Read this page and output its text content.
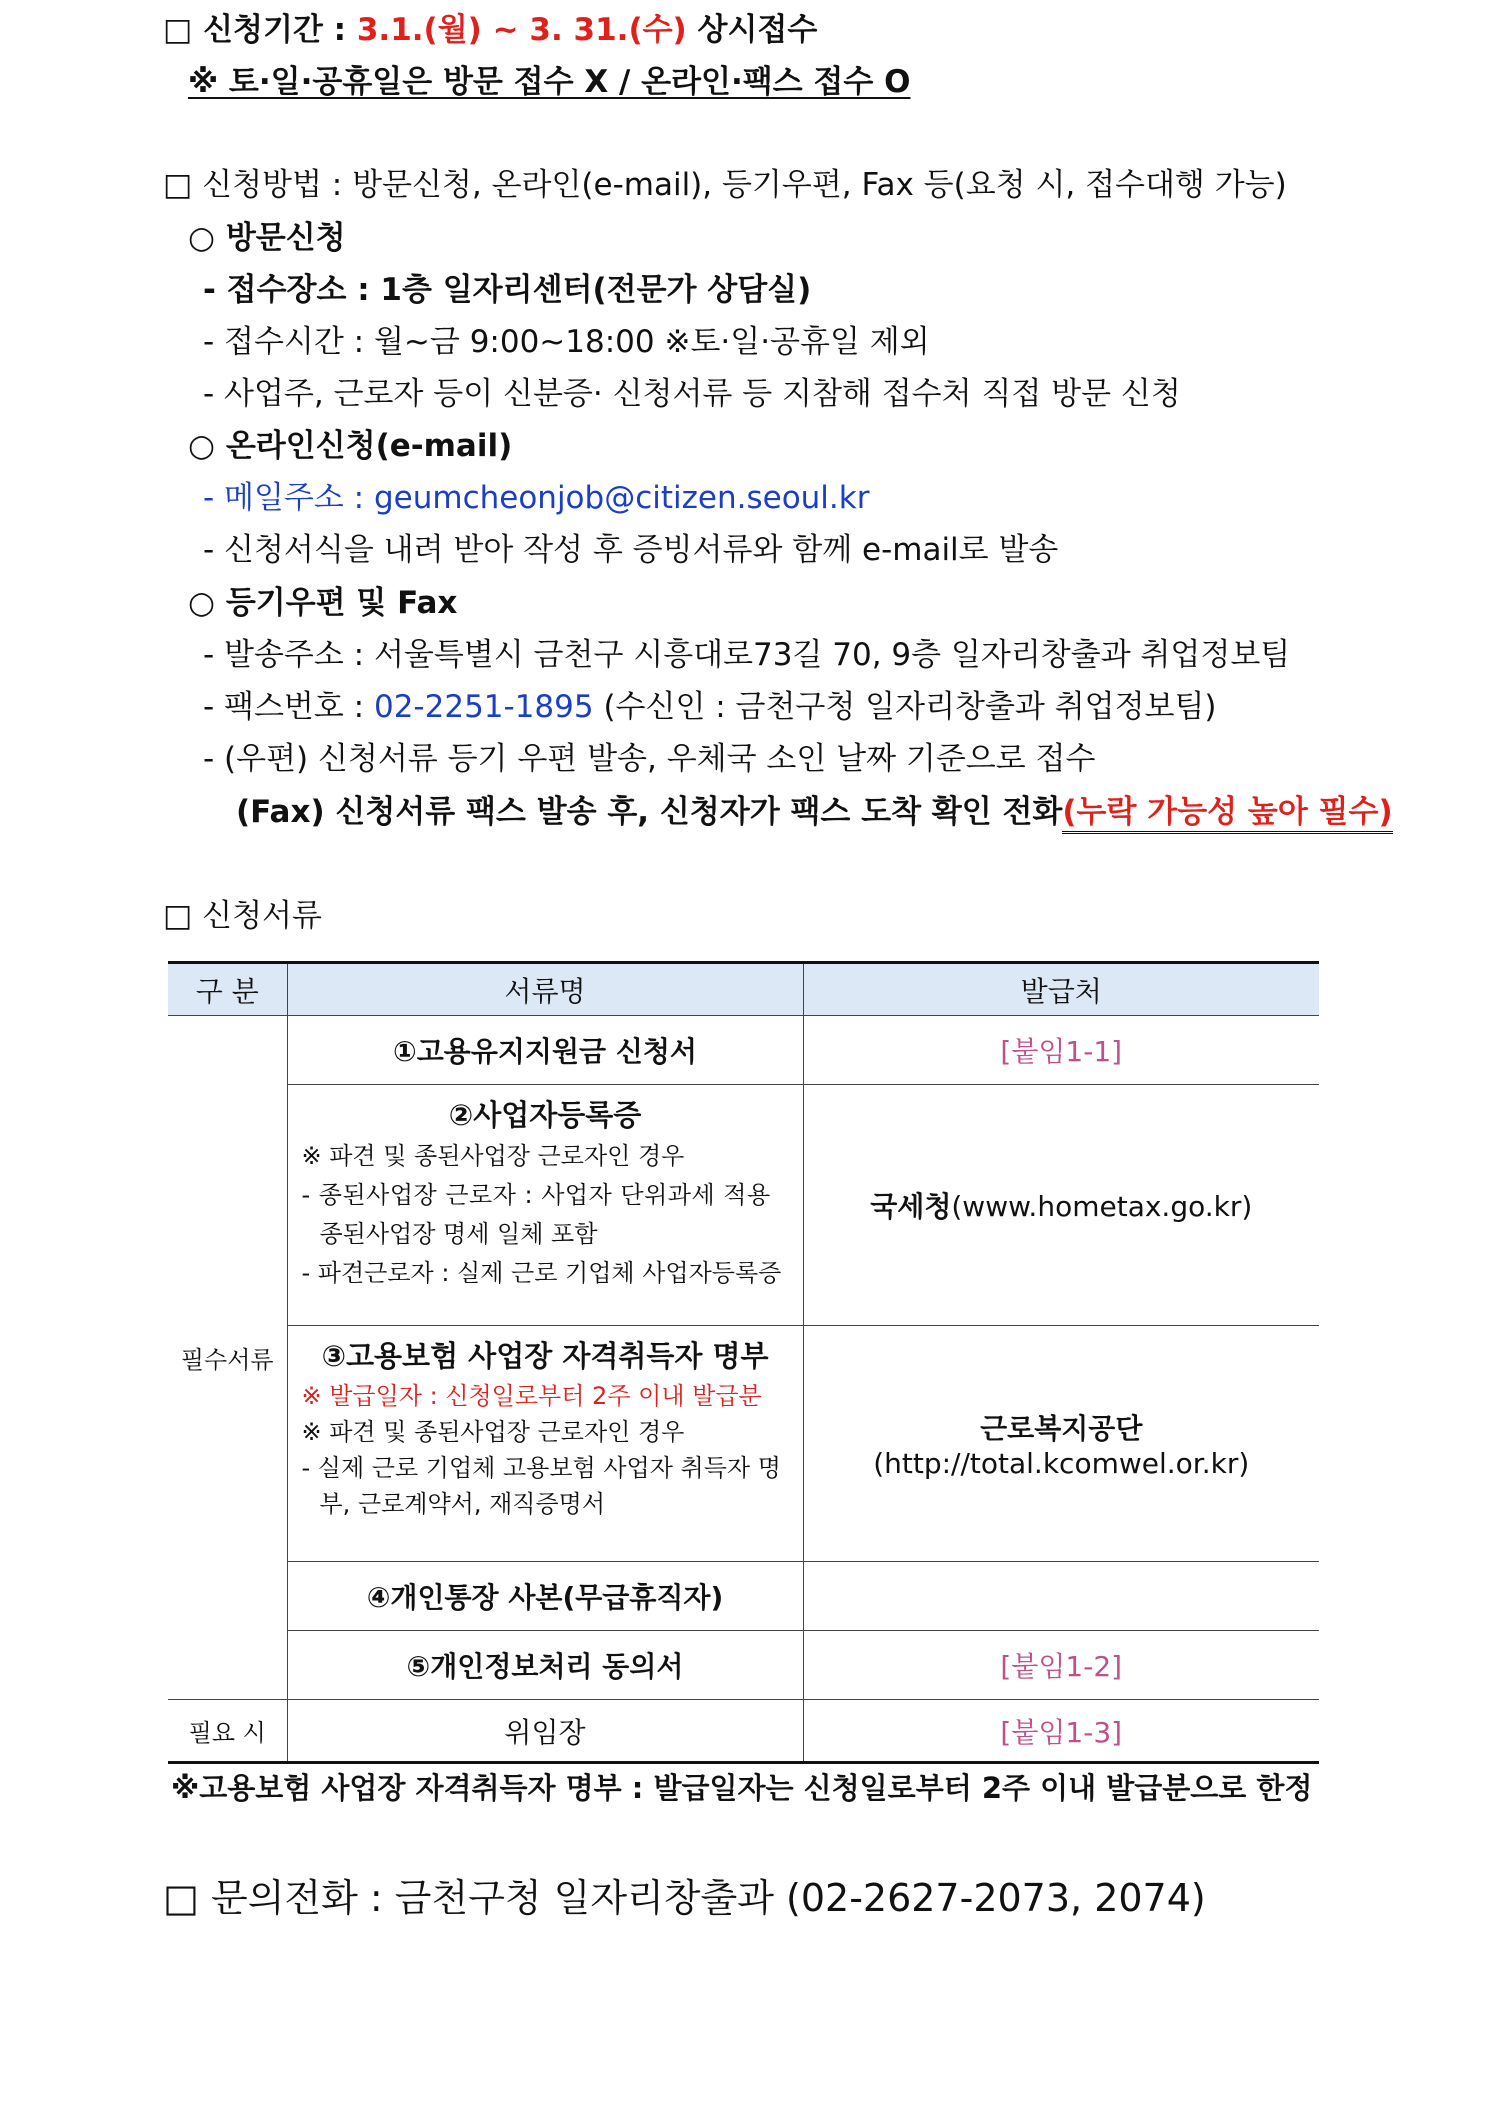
□ 신청기간 : 3.1.(월) ~ 3. 31.(수) 상시접수
※ 토·일·공휴일은 방문 접수 X / 온라인·팩스 접수 O
□ 신청방법 : 방문신청, 온라인(e-mail), 등기우편, Fax 등(요청 시, 접수대행 가능)
○ 방문신청
- 접수장소 : 1층 일자리센터(전문가 상담실)
- 접수시간 : 월~금 9:00~18:00 ※토·일·공휴일 제외
- 사업주, 근로자 등이 신분증· 신청서류 등 지참해 접수처 직접 방문 신청
○ 온라인신청(e-mail)
- 메일주소 : geumcheonjob@citizen.seoul.kr
- 신청서식을 내려 받아 작성 후 증빙서류와 함께 e-mail로 발송
○ 등기우편 및 Fax
- 발송주소 : 서울특별시 금천구 시흥대로73길 70, 9층 일자리창출과 취업정보팀
- 팩스번호 : 02-2251-1895 (수신인 : 금천구청 일자리창출과 취업정보팀)
- (우편) 신청서류 등기 우편 발송, 우체국 소인 날짜 기준으로 접수
(Fax) 신청서류 팩스 발송 후, 신청자가 팩스 도착 확인 전화(누락 가능성 높아 필수)
□ 신청서류
구 분	서류명	발급처
필수서류	①고용유지지원금 신청서	[붙임1-1]

	②사업자등록증
※ 파견 및 종된사업장 근로자인 경우
- 종된사업장 근로자 : 사업자 단위과세 적용
종된사업장 명세 일체 포함
- 파견근로자 : 실제 근로 기업체 사업자등록증	국세청(www.hometax.go.kr)

	③고용보험 사업장 자격취득자 명부
※ 발급일자 : 신청일로부터 2주 이내 발급분
※ 파견 및 종된사업장 근로자인 경우
- 실제 근로 기업체 고용보험 사업자 취득자 명
부, 근로계약서, 재직증명서	근로복지공단(http://total.kcomwel.or.kr)
	④개인통장 사본(무급휴직자)	
	⑤개인정보처리 동의서	[붙임1-2]
필요 시	위임장	[붙임1-3]
※고용보험 사업장 자격취득자 명부 : 발급일자는 신청일로부터 2주 이내 발급분으로 한정
□ 문의전화 : 금천구청 일자리창출과 (02-2627-2073, 2074)
